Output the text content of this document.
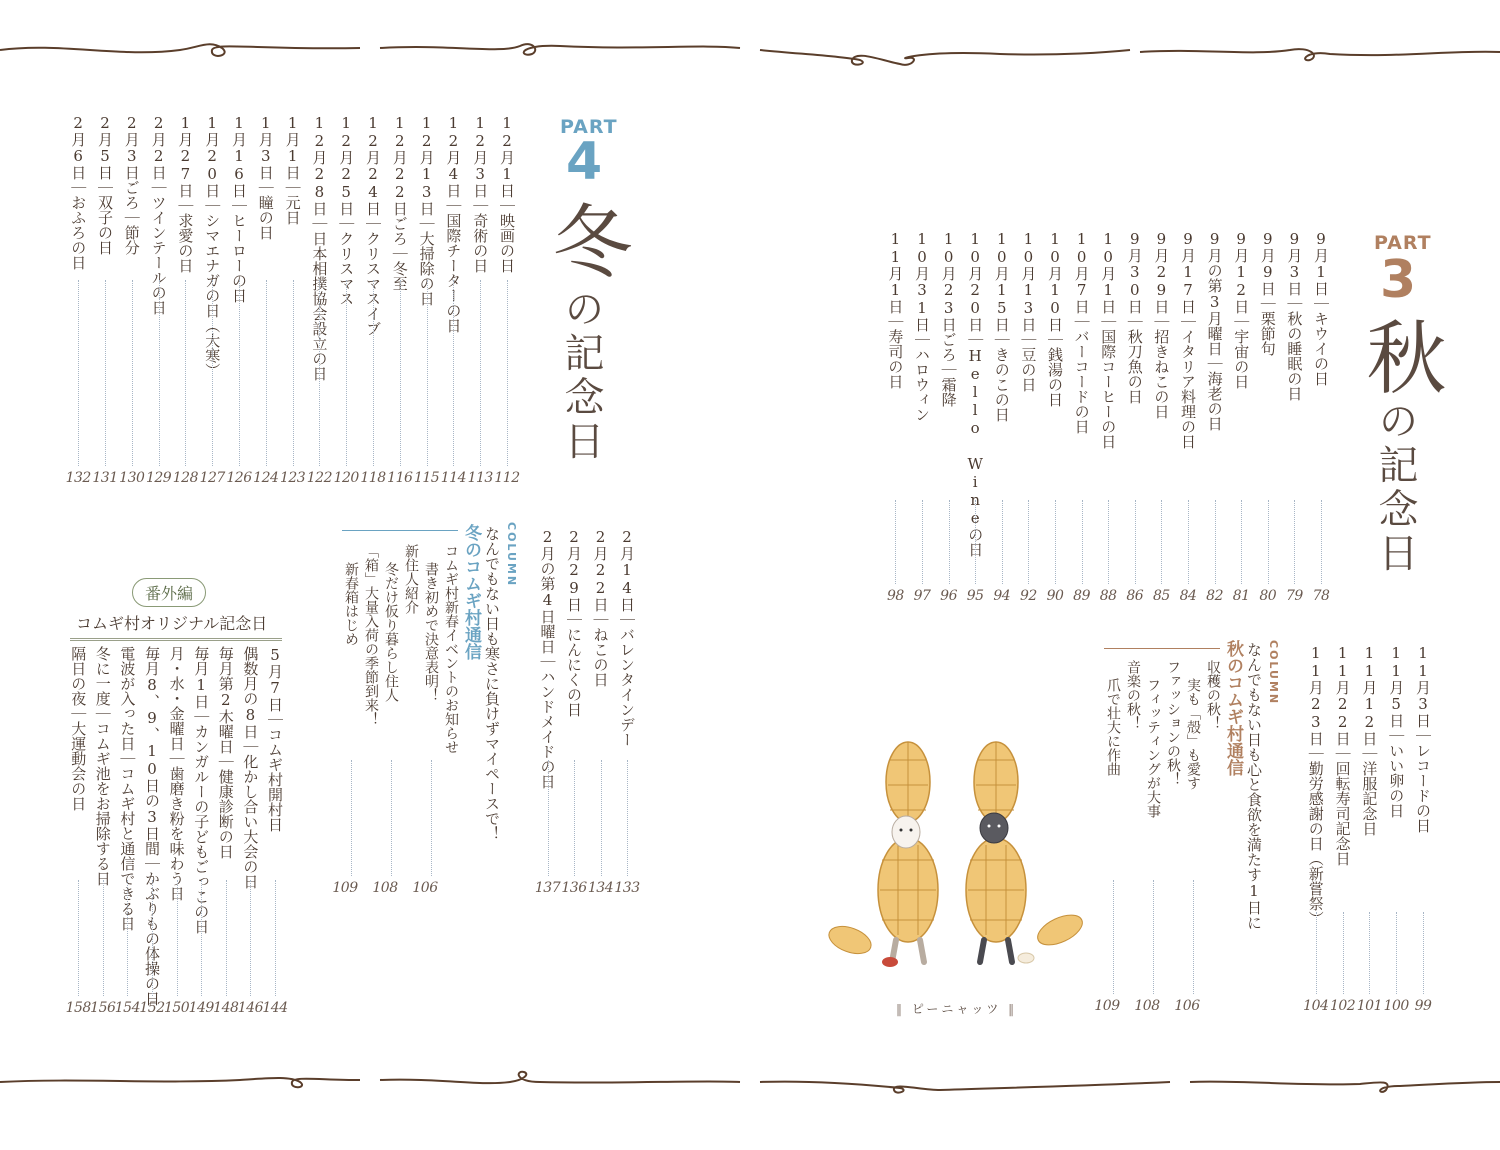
PART
4
冬
の記念日
12月1日｜映画の日
112
12月3日｜奇術の日
113
12月4日｜国際チーターの日
114
12月13日｜大掃除の日
115
12月22日ごろ｜冬至
116
12月24日｜クリスマスイブ
118
12月25日｜クリスマス
120
12月28日｜日本相撲協会設立の日
122
1月1日｜元日
123
1月3日｜瞳の日
124
1月16日｜ヒーローの日
126
1月20日｜シマエナガの日（大寒）
127
1月27日｜求愛の日
128
2月2日｜ツインテールの日
129
2月3日ごろ｜節分
130
2月5日｜双子の日
131
2月6日｜おふろの日
132
2月14日｜バレンタインデー
133
2月22日｜ねこの日
134
2月29日｜にんにくの日
136
2月の第4日曜日｜ハンドメイドの日
137
COLUMN
なんでもない日も寒さに負けずマイペースで！
冬のコムギ村通信
コムギ村新春イベントのお知らせ
書き初めで決意表明！
106
新住人紹介
冬だけ仮り暮らし住人
108
「箱」大量入荷の季節到来！
新春箱はじめ
109
番外編
コムギ村オリジナル記念日
5月7日｜コムギ村開村日
144
偶数月の8日｜化かし合い大会の日
146
毎月第2木曜日｜健康診断の日
148
毎月1日｜カンガルーの子どもごっこの日
149
月・水・金曜日｜歯磨き粉を味わう日
150
毎月8、9、10日の3日間｜かぶりもの体操の日
152
電波が入った日｜コムギ村と通信できる日
154
冬に一度｜コムギ池をお掃除する日
156
隔日の夜｜大運動会の日
158
PART
3
秋
の記念日
9月1日｜キウイの日
78
9月3日｜秋の睡眠の日
79
9月9日｜栗節句
80
9月12日｜宇宙の日
81
9月の第3月曜日｜海老の日
82
9月17日｜イタリア料理の日
84
9月29日｜招きねこの日
85
9月30日｜秋刀魚の日
86
10月1日｜国際コーヒーの日
88
10月7日｜バーコードの日
89
10月10日｜銭湯の日
90
10月13日｜豆の日
92
10月15日｜きのこの日
94
10月20日｜Hello Wineの日
95
10月23日ごろ｜霜降
96
10月31日｜ハロウィン
97
11月1日｜寿司の日
98
11月3日｜レコードの日
99
11月5日｜いい卵の日
100
11月12日｜洋服記念日
101
11月22日｜回転寿司記念日
102
11月23日｜勤労感謝の日（新嘗祭）
104
COLUMN
なんでもない日も心と食欲を満たす1日に
秋のコムギ村通信
収穫の秋！
実も「殻」も愛す
106
ファッションの秋！
フィッティングが大事
108
音楽の秋！
爪で壮大に作曲
109
‖ ピーニャッツ ‖
